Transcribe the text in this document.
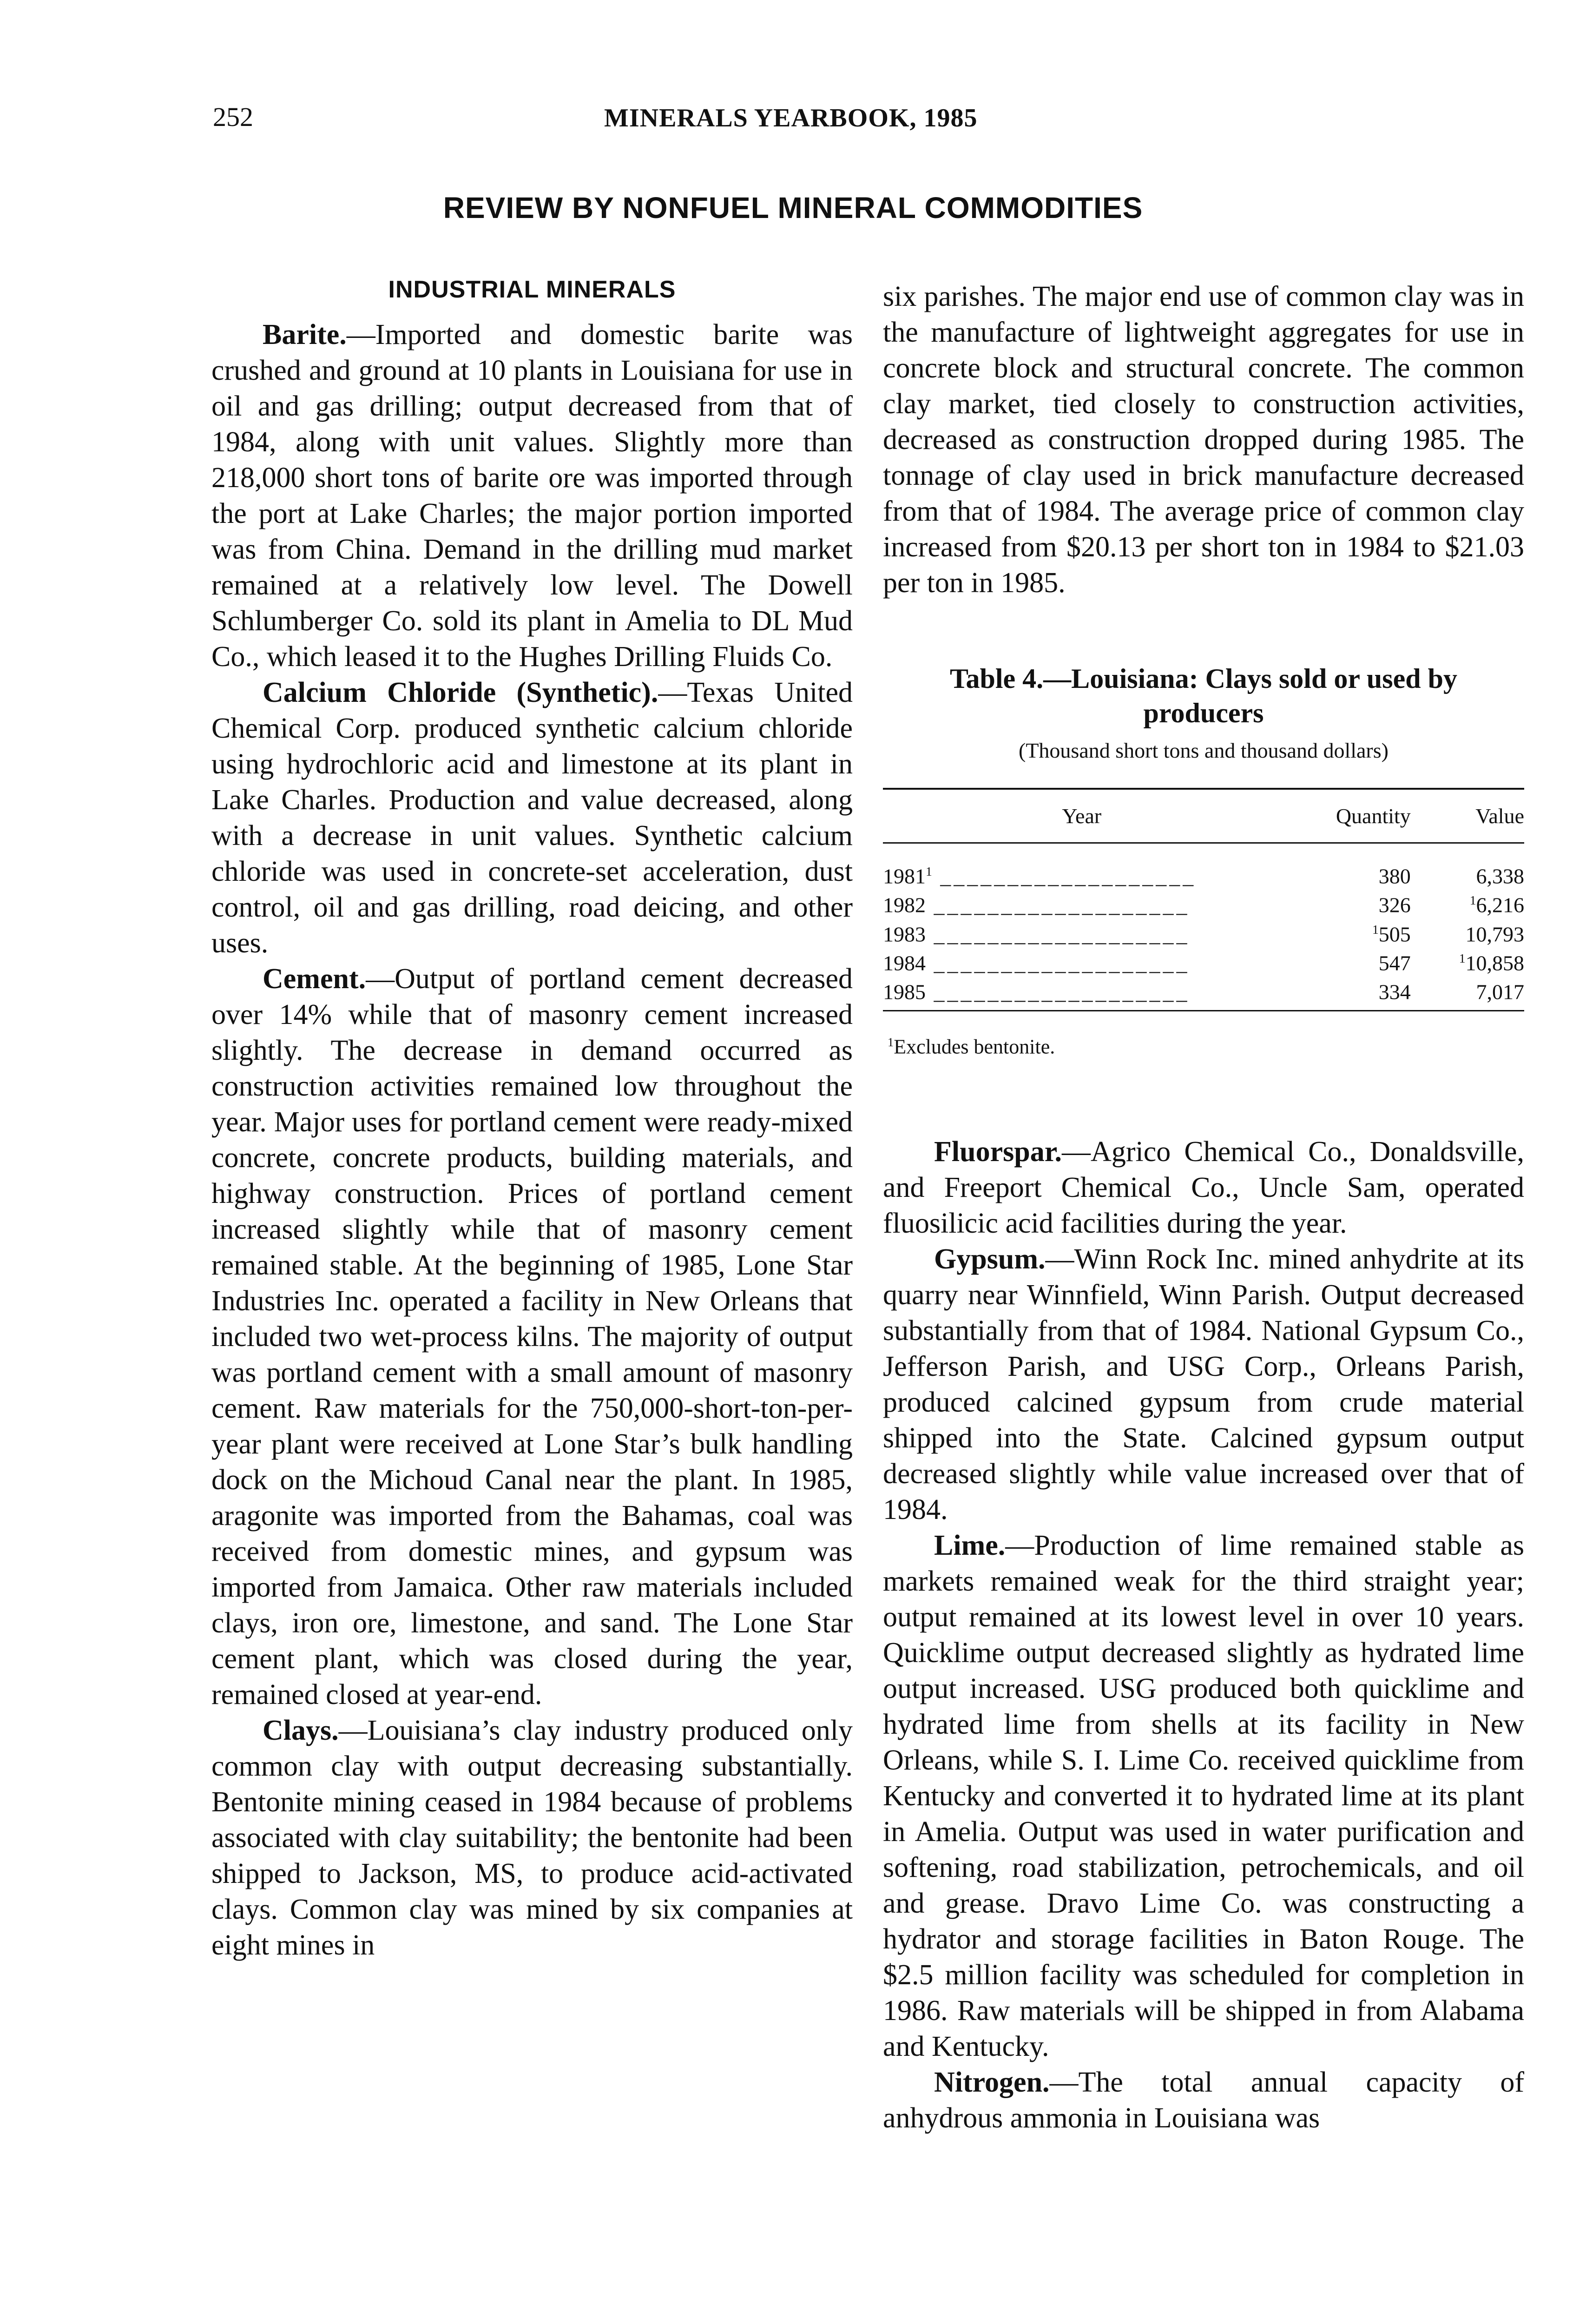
252	MINERALS YEARBOOK, 1985
REVIEW BY NONFUEL MINERAL COMMODITIES
INDUSTRIAL MINERALS

Barite.—Imported and domestic barite was crushed and ground at 10 plants in Louisiana for use in oil and gas drilling; output decreased from that of 1984, along with unit values. Slightly more than 218,000 short tons of barite ore was imported through the port at Lake Charles; the major portion imported was from China. Demand in the drilling mud market remained at a relatively low level. The Dowell Schlumberger Co. sold its plant in Amelia to DL Mud Co., which leased it to the Hughes Drilling Fluids Co.

Calcium Chloride (Synthetic).—Texas United Chemical Corp. produced synthetic calcium chloride using hydrochloric acid and limestone at its plant in Lake Charles. Production and value decreased, along with a decrease in unit values. Synthetic calcium chloride was used in concrete-set acceleration, dust control, oil and gas drilling, road deicing, and other uses.

Cement.—Output of portland cement decreased over 14% while that of masonry cement increased slightly. The decrease in demand occurred as construction activities remained low throughout the year. Major uses for portland cement were ready-mixed concrete, concrete products, building materials, and highway construction. Prices of portland cement increased slightly while that of masonry cement remained stable. At the beginning of 1985, Lone Star Industries Inc. operated a facility in New Orleans that included two wet-process kilns. The majority of output was portland cement with a small amount of masonry cement. Raw materials for the 750,000-short-ton-per-year plant were received at Lone Star’s bulk handling dock on the Michoud Canal near the plant. In 1985, aragonite was imported from the Bahamas, coal was received from domestic mines, and gypsum was imported from Jamaica. Other raw materials included clays, iron ore, limestone, and sand. The Lone Star cement plant, which was closed during the year, remained closed at year-end.

Clays.—Louisiana’s clay industry produced only common clay with output decreasing substantially. Bentonite mining ceased in 1984 because of problems associated with clay suitability; the bentonite had been shipped to Jackson, MS, to produce acid-activated clays. Common clay was mined by six companies at eight mines in

six parishes. The major end use of common clay was in the manufacture of lightweight aggregates for use in concrete block and structural concrete. The common clay market, tied closely to construction activities, decreased as construction dropped during 1985. The tonnage of clay used in brick manufacture decreased from that of 1984. The average price of common clay increased from $20.13 per short ton in 1984 to $21.03 per ton in 1985.

Table 4.—Louisiana: Clays sold or used by producers
(Thousand short tons and thousand dollars)
Year	Quantity	Value
1981$^1$ ___________________	380	6,338
1982 ___________________	326	$^1$6,216
1983 ___________________	$^1$505	10,793
1984 ___________________	547	$^1$10,858
1985 ___________________	334	7,017
$^1$Excludes bentonite.

Fluorspar.—Agrico Chemical Co., Donaldsville, and Freeport Chemical Co., Uncle Sam, operated fluosilicic acid facilities during the year.

Gypsum.—Winn Rock Inc. mined anhydrite at its quarry near Winnfield, Winn Parish. Output decreased substantially from that of 1984. National Gypsum Co., Jefferson Parish, and USG Corp., Orleans Parish, produced calcined gypsum from crude material shipped into the State. Calcined gypsum output decreased slightly while value increased over that of 1984.

Lime.—Production of lime remained stable as markets remained weak for the third straight year; output remained at its lowest level in over 10 years. Quicklime output decreased slightly as hydrated lime output increased. USG produced both quicklime and hydrated lime from shells at its facility in New Orleans, while S. I. Lime Co. received quicklime from Kentucky and converted it to hydrated lime at its plant in Amelia. Output was used in water purification and softening, road stabilization, petrochemicals, and oil and grease. Dravo Lime Co. was constructing a hydrator and storage facilities in Baton Rouge. The $2.5 million facility was scheduled for completion in 1986. Raw materials will be shipped in from Alabama and Kentucky.

Nitrogen.—The total annual capacity of anhydrous ammonia in Louisiana was
